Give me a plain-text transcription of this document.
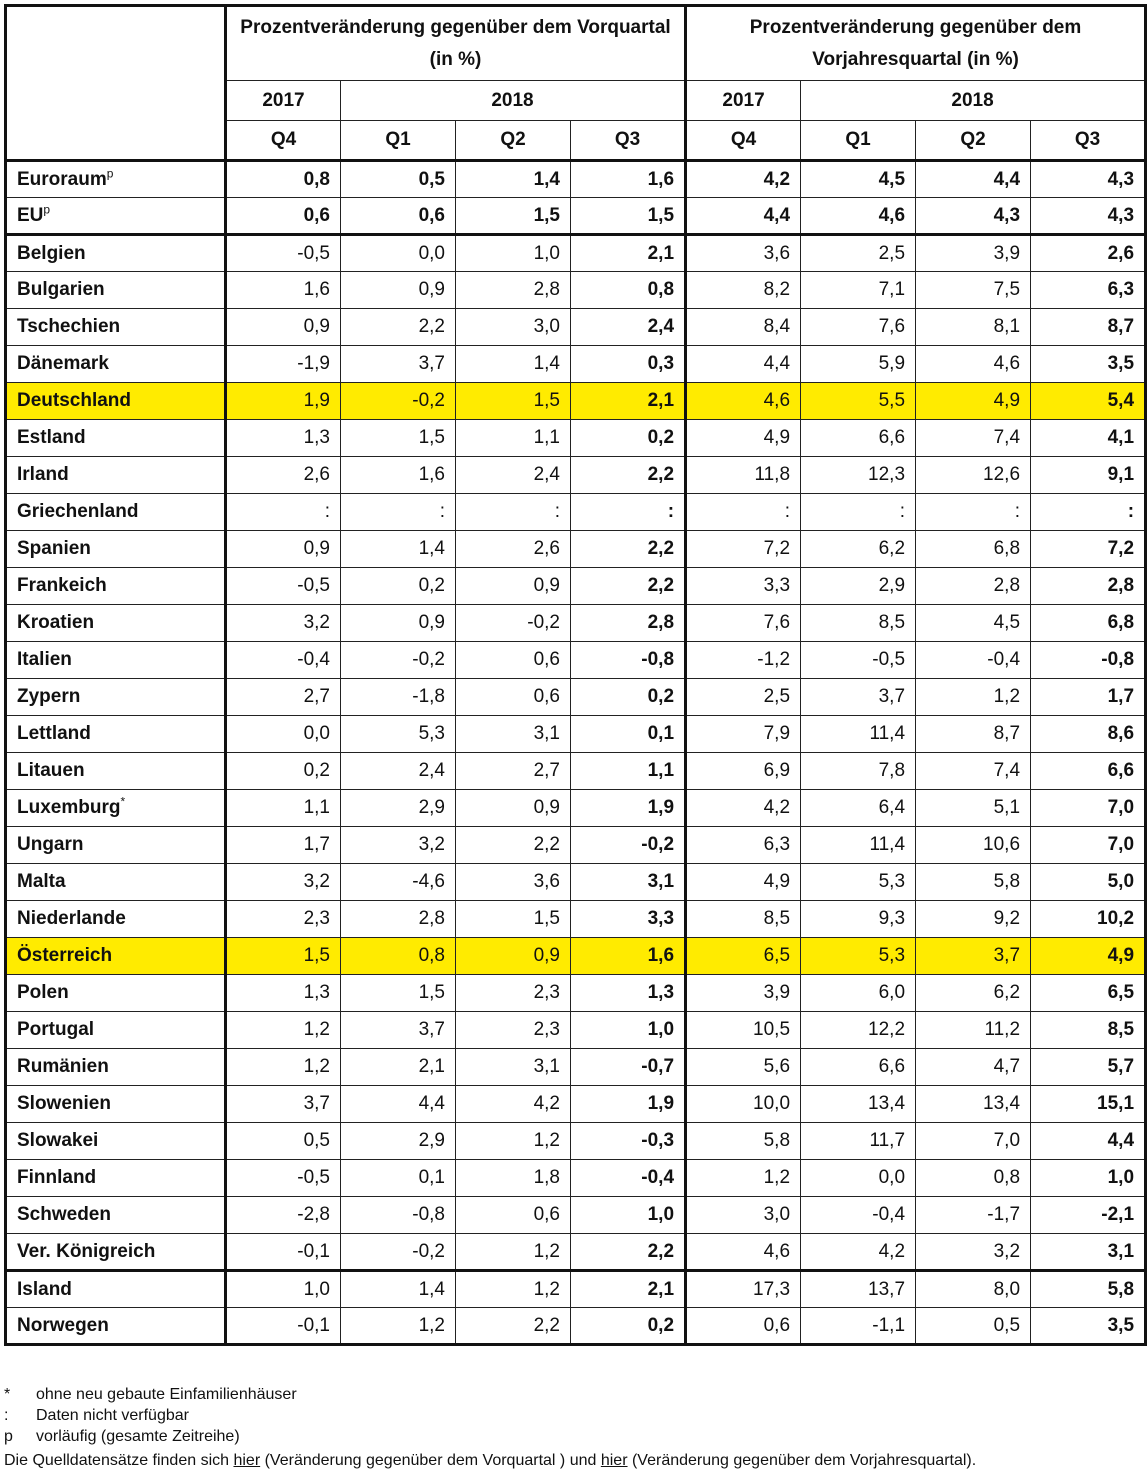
	Prozentveränderung gegenüber dem Vorquartal (in %)				Prozentveränderung gegenüber dem Vorjahresquartal (in %)			
	2017	2018			2017	2018		
	Q4	Q1	Q2	Q3	Q4	Q1	Q2	Q3
Euroraum$^p$	0,8	0,5	1,4	1,6	4,2	4,5	4,4	4,3
$EU^p$	0,6	0,6	1,5	1,5	4,4	4,6	4,3	4,3
Belgien	-0,5	0,0	1,0	2,1	3,6	2,5	3,9	2,6
Bulgarien	1,6	0,9	2,8	0,8	8,2	7,1	7,5	6,3
Tschechien	0,9	2,2	3,0	2,4	8,4	7,6	8,1	8,7
Dänemark	-1,9	3,7	1,4	0,3	4,4	5,9	4,6	3,5
Deutschland	1,9	-0,2	1,5	2,1	4,6	5,5	4,9	5,4
Estland	1,3	1,5	1,1	0,2	4,9	6,6	7,4	4,1
Irland	2,6	1,6	2,4	2,2	11,8	12,3	12,6	9,1
Griechenland	:	:	:	:	:	:	:	:
Spanien	0,9	1,4	2,6	2,2	7,2	6,2	6,8	7,2
Frankeich	-0,5	0,2	0,9	2,2	3,3	2,9	2,8	2,8
Kroatien	3,2	0,9	-0,2	2,8	7,6	8,5	4,5	6,8
Italien	-0,4	-0,2	0,6	-0,8	-1,2	-0,5	-0,4	-0,8
Zypern	2,7	-1,8	0,6	0,2	2,5	3,7	1,2	1,7
Lettland	0,0	5,3	3,1	0,1	7,9	11,4	8,7	8,6
Litauen	0,2	2,4	2,7	1,1	6,9	7,8	7,4	6,6
Luxemburg*	1,1	2,9	0,9	1,9	4,2	6,4	5,1	7,0
Ungarn	1,7	3,2	2,2	-0,2	6,3	11,4	10,6	7,0
Malta	3,2	-4,6	3,6	3,1	4,9	5,3	5,8	5,0
Niederlande	2,3	2,8	1,5	3,3	8,5	9,3	9,2	10,2
Österreich	1,5	0,8	0,9	1,6	6,5	5,3	3,7	4,9
Polen	1,3	1,5	2,3	1,3	3,9	6,0	6,2	6,5
Portugal	1,2	3,7	2,3	1,0	10,5	12,2	11,2	8,5
Rumänien	1,2	2,1	3,1	-0,7	5,6	6,6	4,7	5,7
Slowenien	3,7	4,4	4,2	1,9	10,0	13,4	13,4	15,1
Slowakei	0,5	2,9	1,2	-0,3	5,8	11,7	7,0	4,4
Finnland	-0,5	0,1	1,8	-0,4	1,2	0,0	0,8	1,0
Schweden	-2,8	-0,8	0,6	1,0	3,0	-0,4	-1,7	-2,1
Ver. Königreich	-0,1	-0,2	1,2	2,2	4,6	4,2	3,2	3,1
Island	1,0	1,4	1,2	2,1	17,3	13,7	8,0	5,8
Norwegen	-0,1	1,2	2,2	0,2	0,6	-1,1	0,5	3,5
*	ohne neu gebaute Einfamilienhäuser
:	Daten nicht verfügbar
p	vorläufig (gesamte Zeitreihe)
Die Quelldatensätze finden sich hier (Veränderung gegenüber dem Vorquartal ) und hier (Veränderung gegenüber dem Vorjahresquartal).
